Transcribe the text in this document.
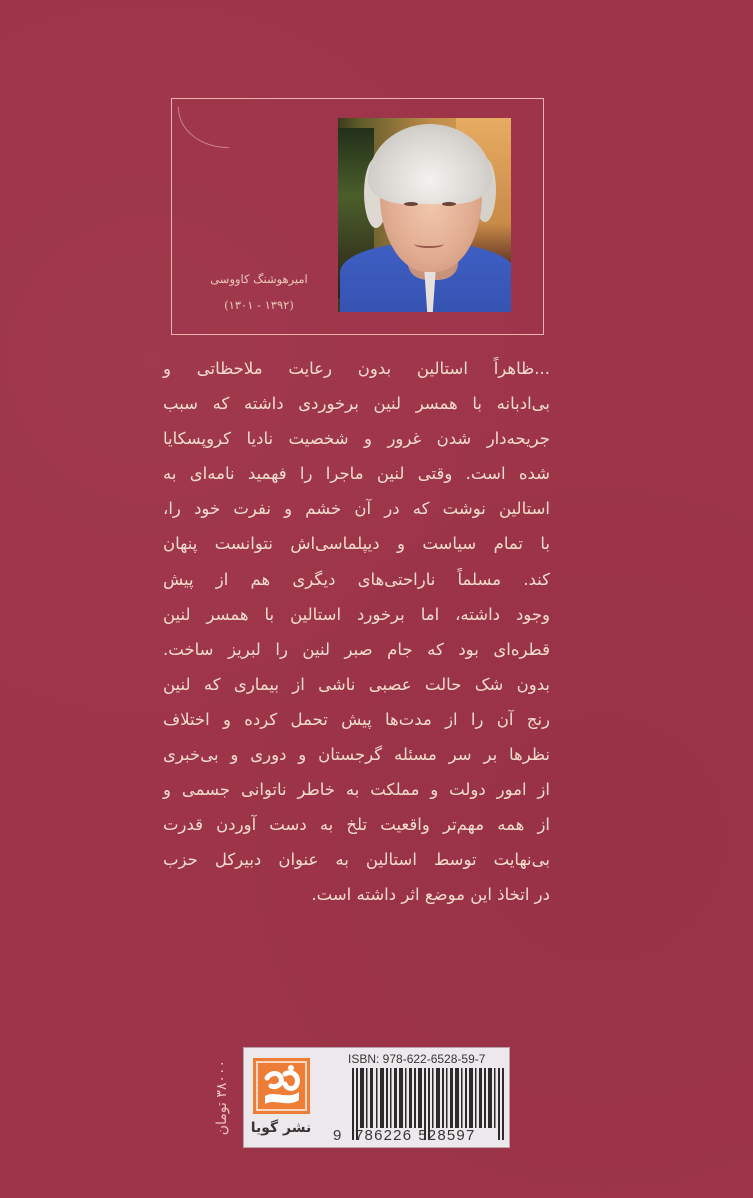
امیرهوشنگ کاووسی
(۱۳۹۲ - ۱۳۰۱)
...ظاهراً استالین بدون رعایت ملاحظاتی و
بی‌ادبانه با همسر لنین برخوردی داشته که سبب
جریحه‌دار شدن غرور و شخصیت نادیا کروپسکایا
شده است. وقتی لنین ماجرا را فهمید نامه‌ای به
استالین نوشت که در آن خشم و نفرت خود را،
با تمام سیاست و دیپلماسی‌اش نتوانست پنهان
کند. مسلماً ناراحتی‌های دیگری هم از پیش
وجود داشته، اما برخورد استالین با همسر لنین
قطره‌ای بود که جام صبر لنین را لبریز ساخت.
بدون شک حالت عصبی ناشی از بیماری که لنین
رنج آن را از مدت‌ها پیش تحمل کرده و اختلاف
نظرها بر سر مسئله گرجستان و دوری و بی‌خبری
از امور دولت و مملکت به خاطر ناتوانی جسمی و
از همه مهم‌تر واقعیت تلخ به دست آوردن قدرت
بی‌نهایت توسط استالین به عنوان دبیرکل حزب
در اتخاذ این موضع اثر داشته است.
۳۸۰۰۰ تومان
نشر گویا
ISBN: 978-622-6528-59-7
9 786226 528597
